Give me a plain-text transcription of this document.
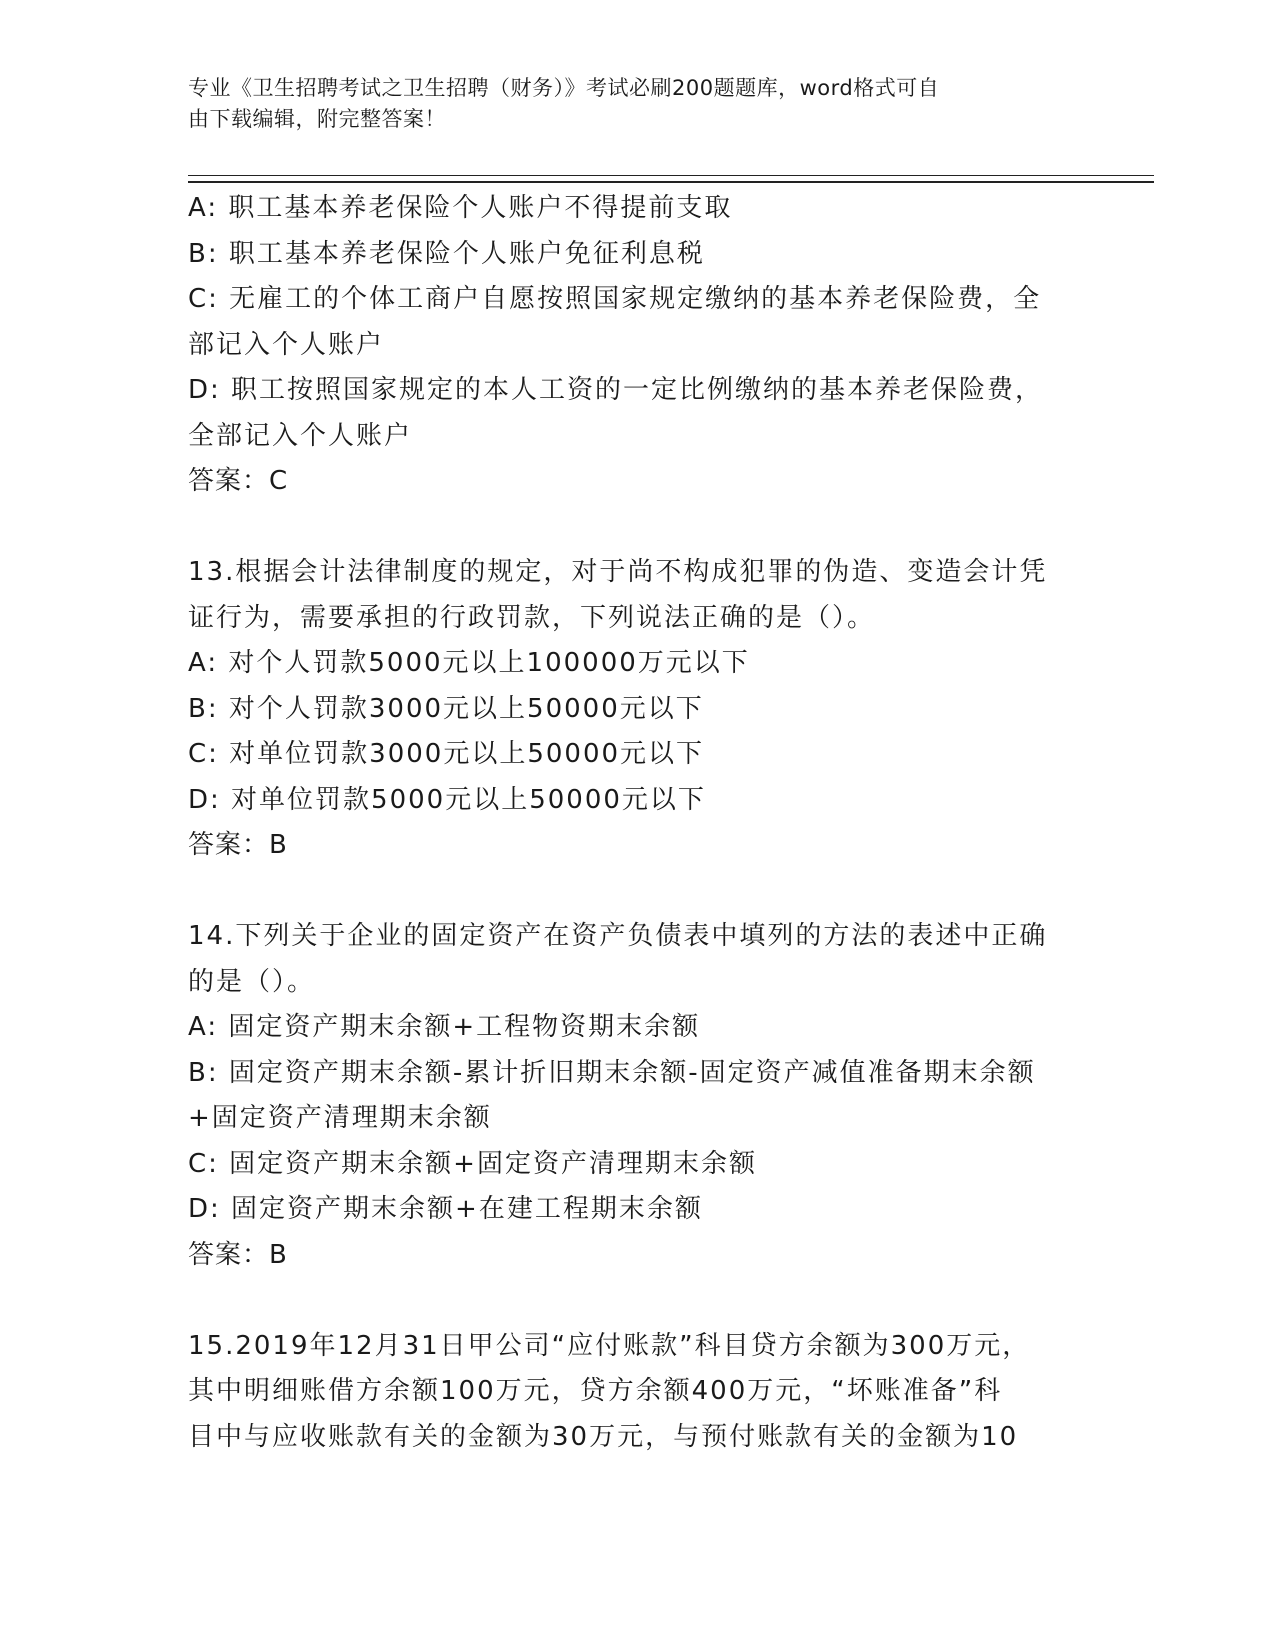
专业《卫生招聘考试之卫生招聘（财务）》考试必刷200题题库，word格式可自
由下载编辑，附完整答案！
A: 职工基本养老保险个人账户不得提前支取
B: 职工基本养老保险个人账户免征利息税
C: 无雇工的个体工商户自愿按照国家规定缴纳的基本养老保险费，全
部记入个人账户
D: 职工按照国家规定的本人工资的一定比例缴纳的基本养老保险费，
全部记入个人账户
答案：C
13.根据会计法律制度的规定，对于尚不构成犯罪的伪造、变造会计凭
证行为，需要承担的行政罚款，下列说法正确的是（）。
A: 对个人罚款5000元以上100000万元以下
B: 对个人罚款3000元以上50000元以下
C: 对单位罚款3000元以上50000元以下
D: 对单位罚款5000元以上50000元以下
答案：B
14.下列关于企业的固定资产在资产负债表中填列的方法的表述中正确
的是（）。
A: 固定资产期末余额+工程物资期末余额
B: 固定资产期末余额-累计折旧期末余额-固定资产减值准备期末余额
+固定资产清理期末余额
C: 固定资产期末余额+固定资产清理期末余额
D: 固定资产期末余额+在建工程期末余额
答案：B
15.2019年12月31日甲公司“应付账款”科目贷方余额为300万元，
其中明细账借方余额100万元，贷方余额400万元，“坏账准备”科
目中与应收账款有关的金额为30万元，与预付账款有关的金额为10
